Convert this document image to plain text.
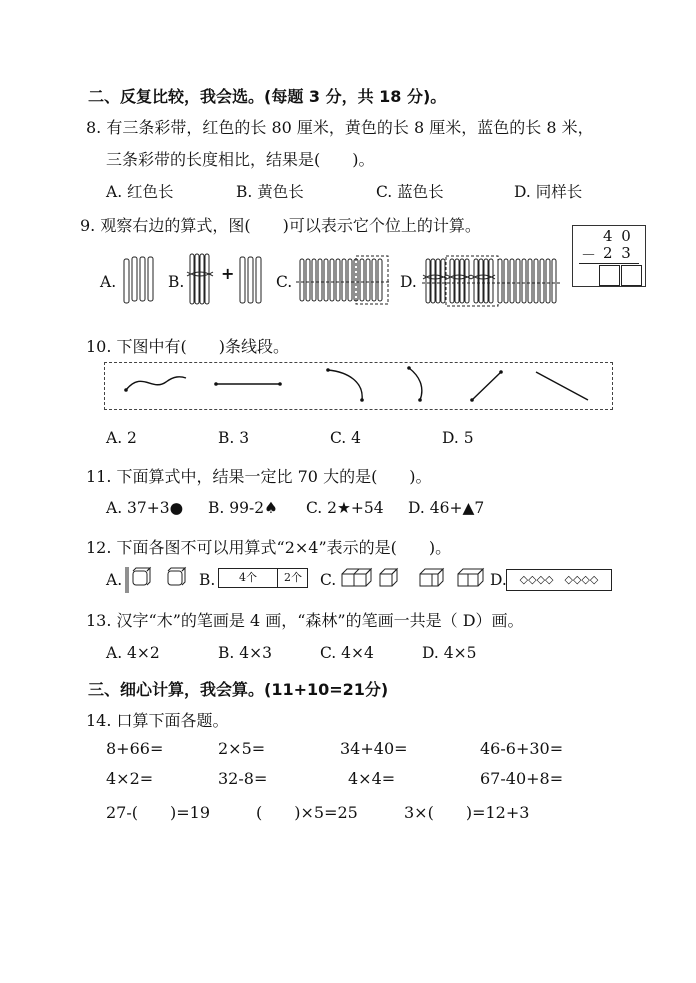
二、反复比较，我会选。(每题 3 分，共 18 分)。
8. 有三条彩带，红色的长 80 厘米，黄色的长 8 厘米，蓝色的长 8 米，
三条彩带的长度相比，结果是(　　)。
A. 红色长	B. 黄色长	C. 蓝色长	D. 同样长
9. 观察右边的算式，图(　　)可以表示它个位上的计算。
4 0
－ 2 3
A.	B. +	C.	D.
10. 下图中有(　　)条线段。
A. 2	B. 3	C. 4	D. 5
11. 下面算式中，结果一定比 70 大的是(　　)。
A. 37+3● B. 99-2♠ C. 2★+54 D. 46+▲7
12. 下面各图不可以用算式“2×4”表示的是(　　)。
A.	B.	4个	2个	C.	D.	◇◇◇◇　◇◇◇◇
13. 汉字“木”的笔画是 4 画，“森林”的笔画一共是（ D）画。
A. 4×2	B. 4×3	C. 4×4	D. 4×5
三、细心计算，我会算。(11+10=21分)
14. 口算下面各题。
8+66=	2×5=	34+40=	46-6+30=
4×2=	32-8=	4×4=	67-40+8=
27-(　　)=19	(　　)×5=25	3×(　　)=12+3
